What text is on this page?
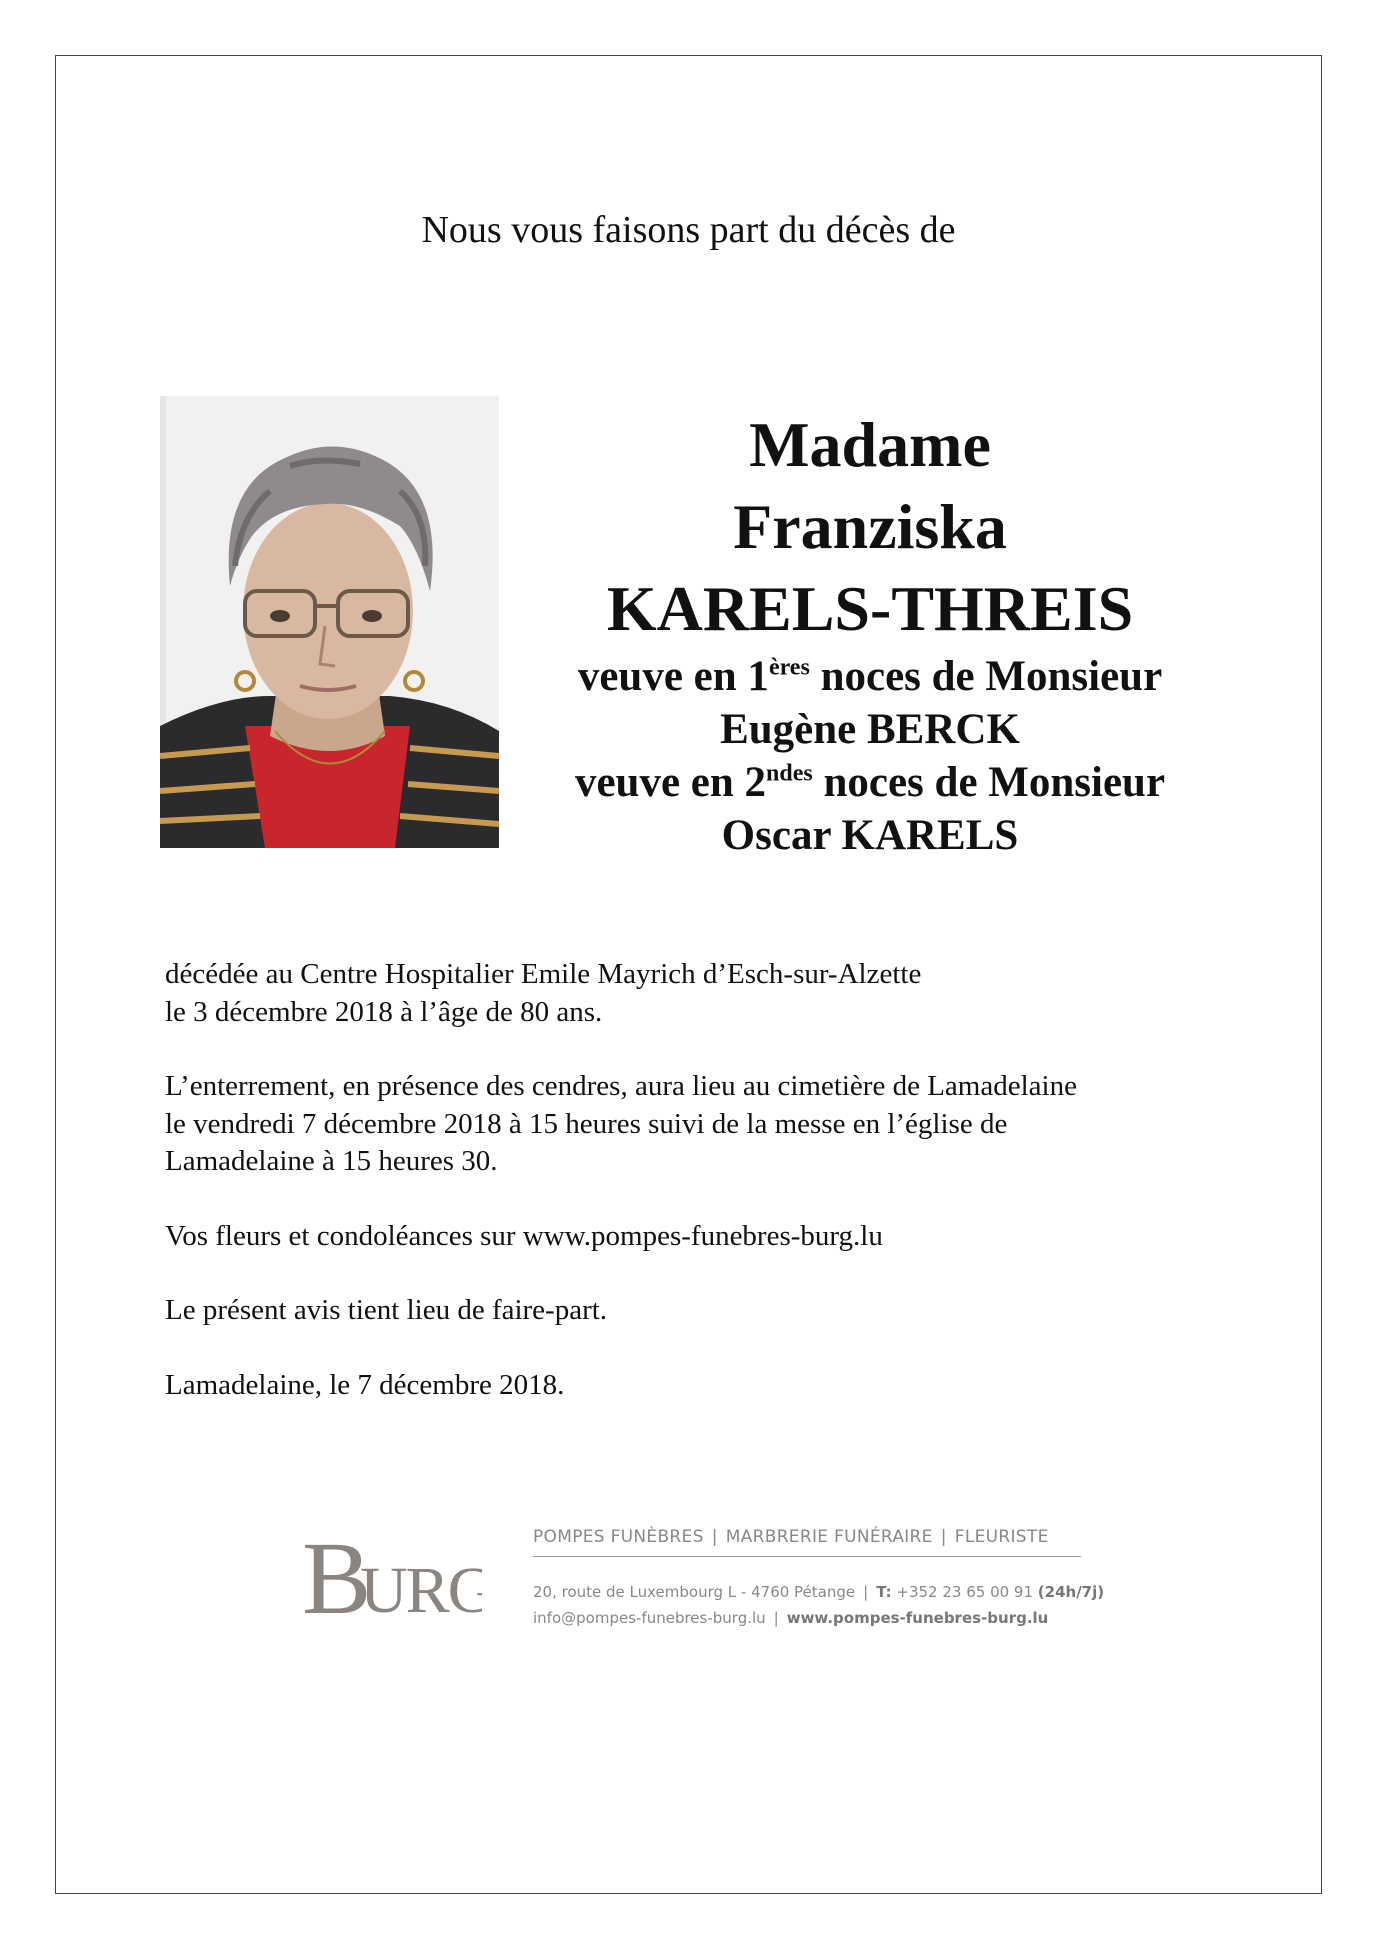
Nous vous faisons part du décès de
Madame
Franziska
KARELS-THREIS
veuve en 1ères noces de Monsieur
Eugène BERCK
veuve en $2^{ndes}$ noces de Monsieur
Oscar KARELS

décédée au Centre Hospitalier Emile Mayrich d’Esch-sur-Alzette
le 3 décembre 2018 à l’âge de 80 ans.

L’enterrement, en présence des cendres, aura lieu au cimetière de Lamadelaine
le vendredi 7 décembre 2018 à 15 heures suivi de la messe en l’église de
Lamadelaine à 15 heures 30.

Vos fleurs et condoléances sur www.pompes-funebres-burg.lu

Le présent avis tient lieu de faire-part.

Lamadelaine, le 7 décembre 2018.

B
URG
POMPES FUNÈBRES | MARBRERIE FUNÉRAIRE | FLEURISTE
20, route de Luxembourg L - 4760 Pétange | T: +352 23 65 00 91 (24h/7j)
info@pompes-funebres-burg.lu | www.pompes-funebres-burg.lu
